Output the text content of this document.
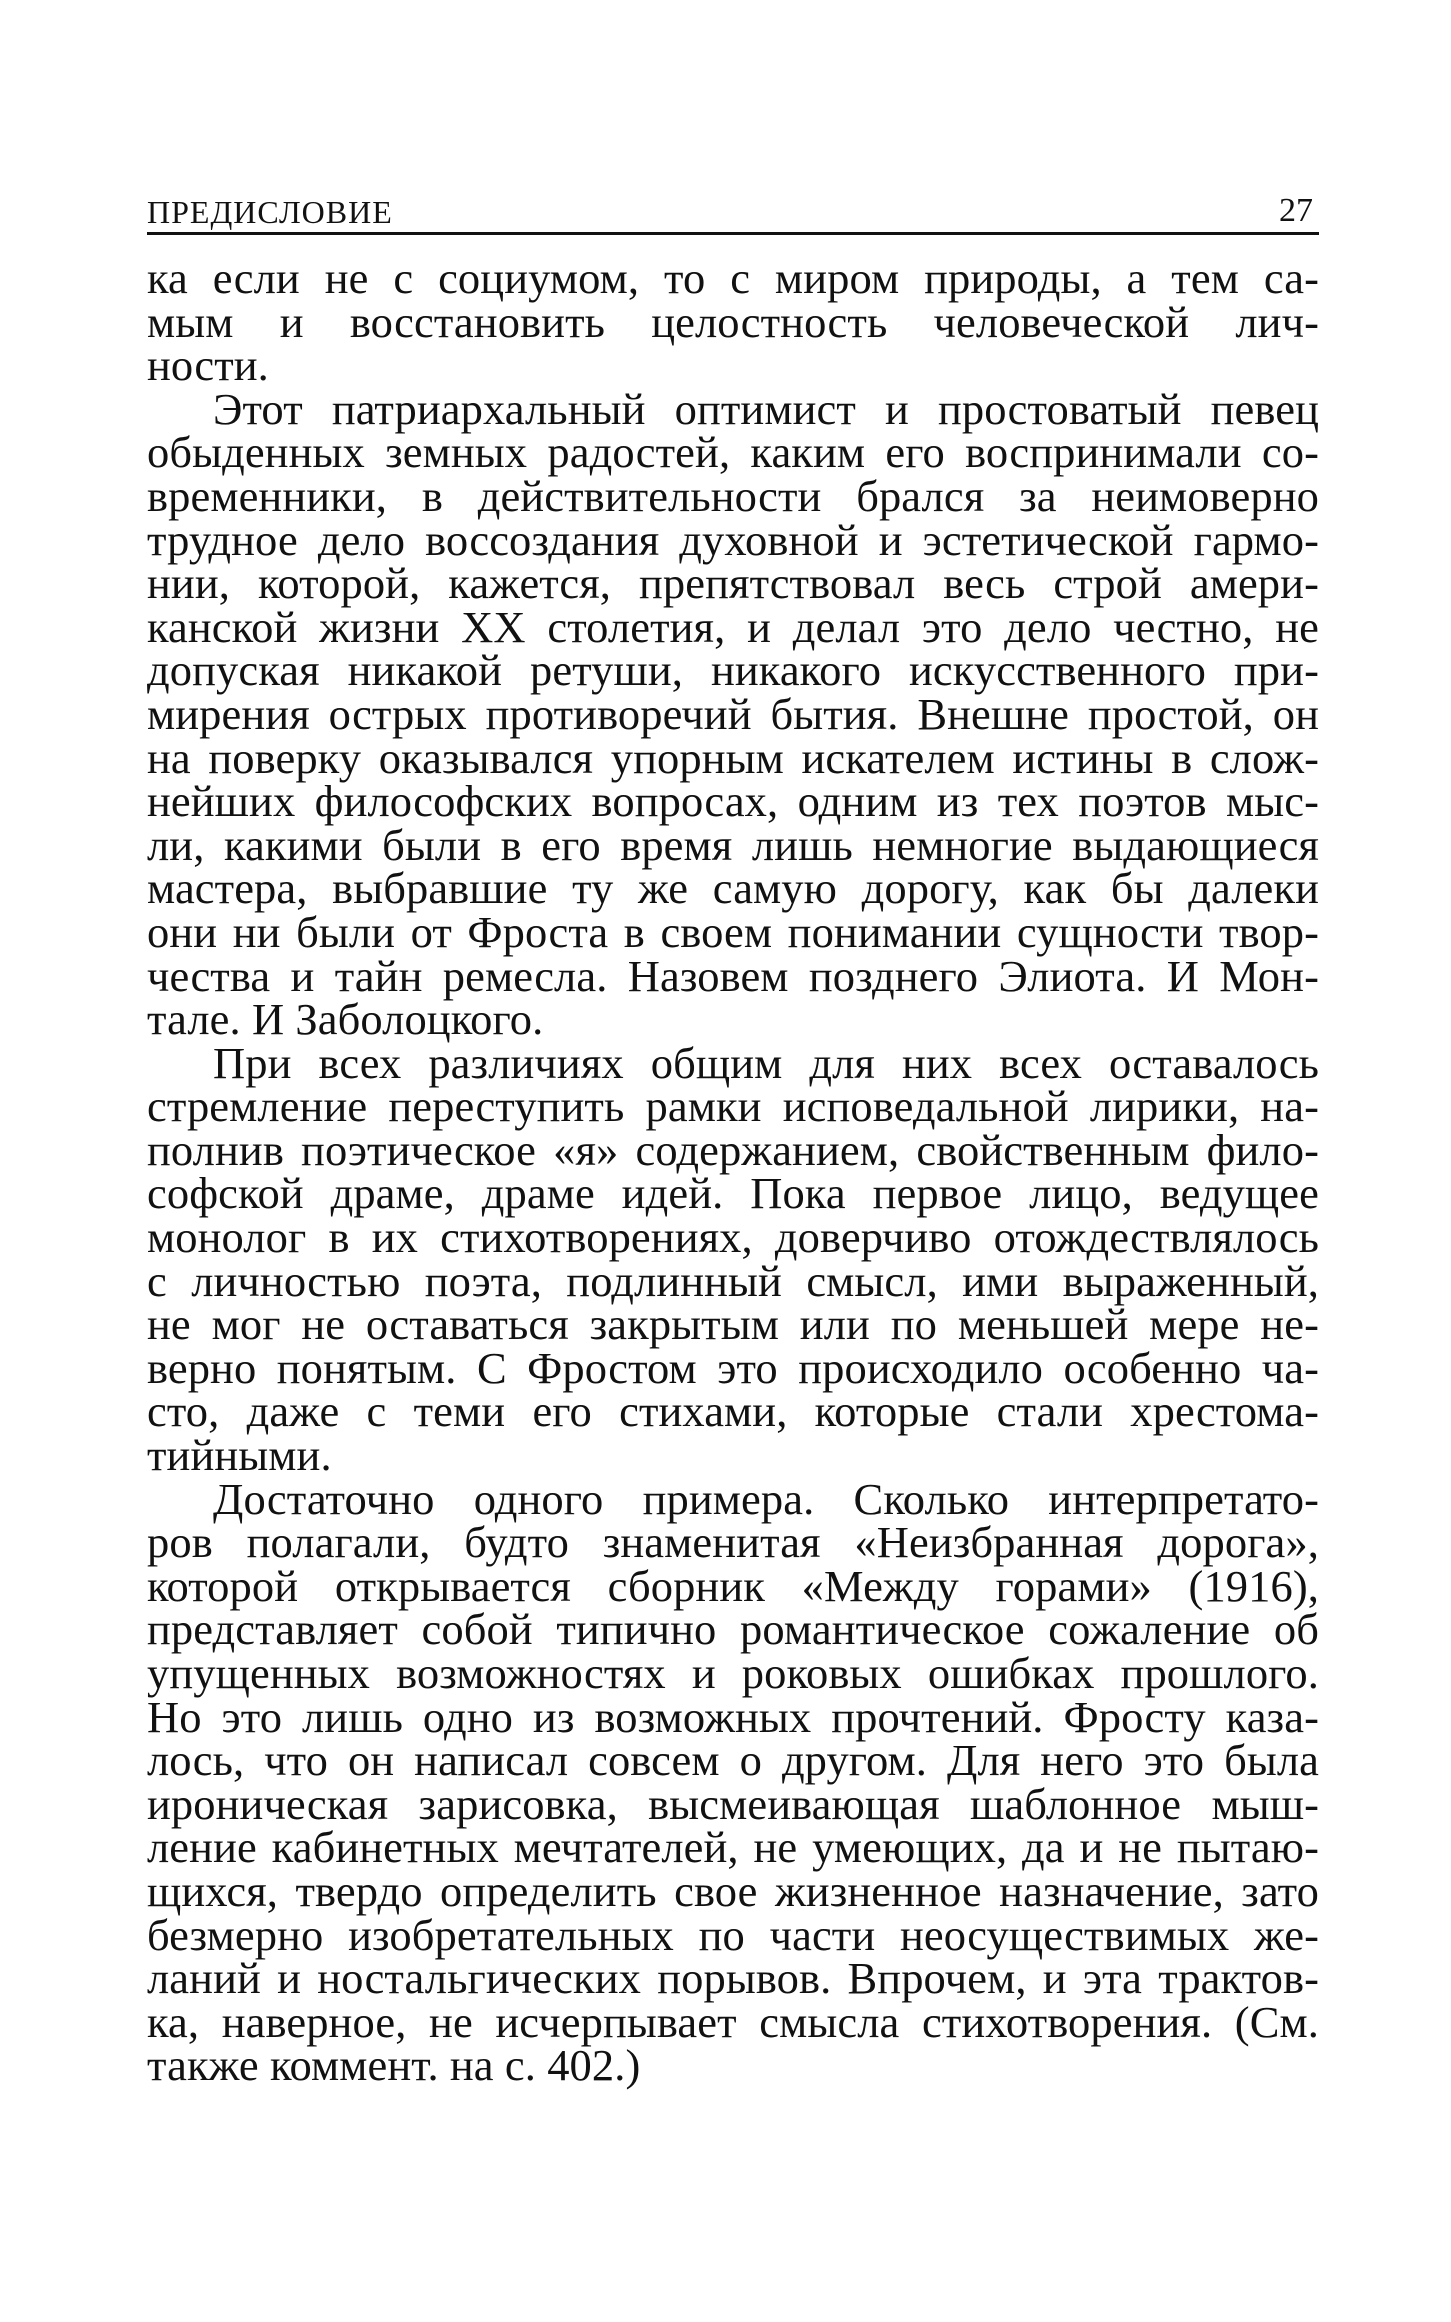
ПРЕДИСЛОВИЕ	27
ка если не с социумом, то с миром природы, а тем са-
мым и восстановить целостность человеческой лич-
ности.
Этот патриархальный оптимист и простоватый певец
обыденных земных радостей, каким его воспринимали со-
временники, в действительности брался за неимоверно
трудное дело воссоздания духовной и эстетической гармо-
нии, которой, кажется, препятствовал весь строй амери-
канской жизни XX столетия, и делал это дело честно, не
допуская никакой ретуши, никакого искусственного при-
мирения острых противоречий бытия. Внешне простой, он
на поверку оказывался упорным искателем истины в слож-
нейших философских вопросах, одним из тех поэтов мыс-
ли, какими были в его время лишь немногие выдающиеся
мастера, выбравшие ту же самую дорогу, как бы далеки
они ни были от Фроста в своем понимании сущности твор-
чества и тайн ремесла. Назовем позднего Элиота. И Мон-
тале. И Заболоцкого.
При всех различиях общим для них всех оставалось
стремление переступить рамки исповедальной лирики, на-
полнив поэтическое «я» содержанием, свойственным фило-
софской драме, драме идей. Пока первое лицо, ведущее
монолог в их стихотворениях, доверчиво отождествлялось
с личностью поэта, подлинный смысл, ими выраженный,
не мог не оставаться закрытым или по меньшей мере не-
верно понятым. С Фростом это происходило особенно ча-
сто, даже с теми его стихами, которые стали хрестома-
тийными.
Достаточно одного примера. Сколько интерпретато-
ров полагали, будто знаменитая «Неизбранная дорога»,
которой открывается сборник «Между горами» (1916),
представляет собой типично романтическое сожаление об
упущенных возможностях и роковых ошибках прошлого.
Но это лишь одно из возможных прочтений. Фросту каза-
лось, что он написал совсем о другом. Для него это была
ироническая зарисовка, высмеивающая шаблонное мыш-
ление кабинетных мечтателей, не умеющих, да и не пытаю-
щихся, твердо определить свое жизненное назначение, зато
безмерно изобретательных по части неосуществимых же-
ланий и ностальгических порывов. Впрочем, и эта трактов-
ка, наверное, не исчерпывает смысла стихотворения. (См.
также коммент. на с. 402.)
